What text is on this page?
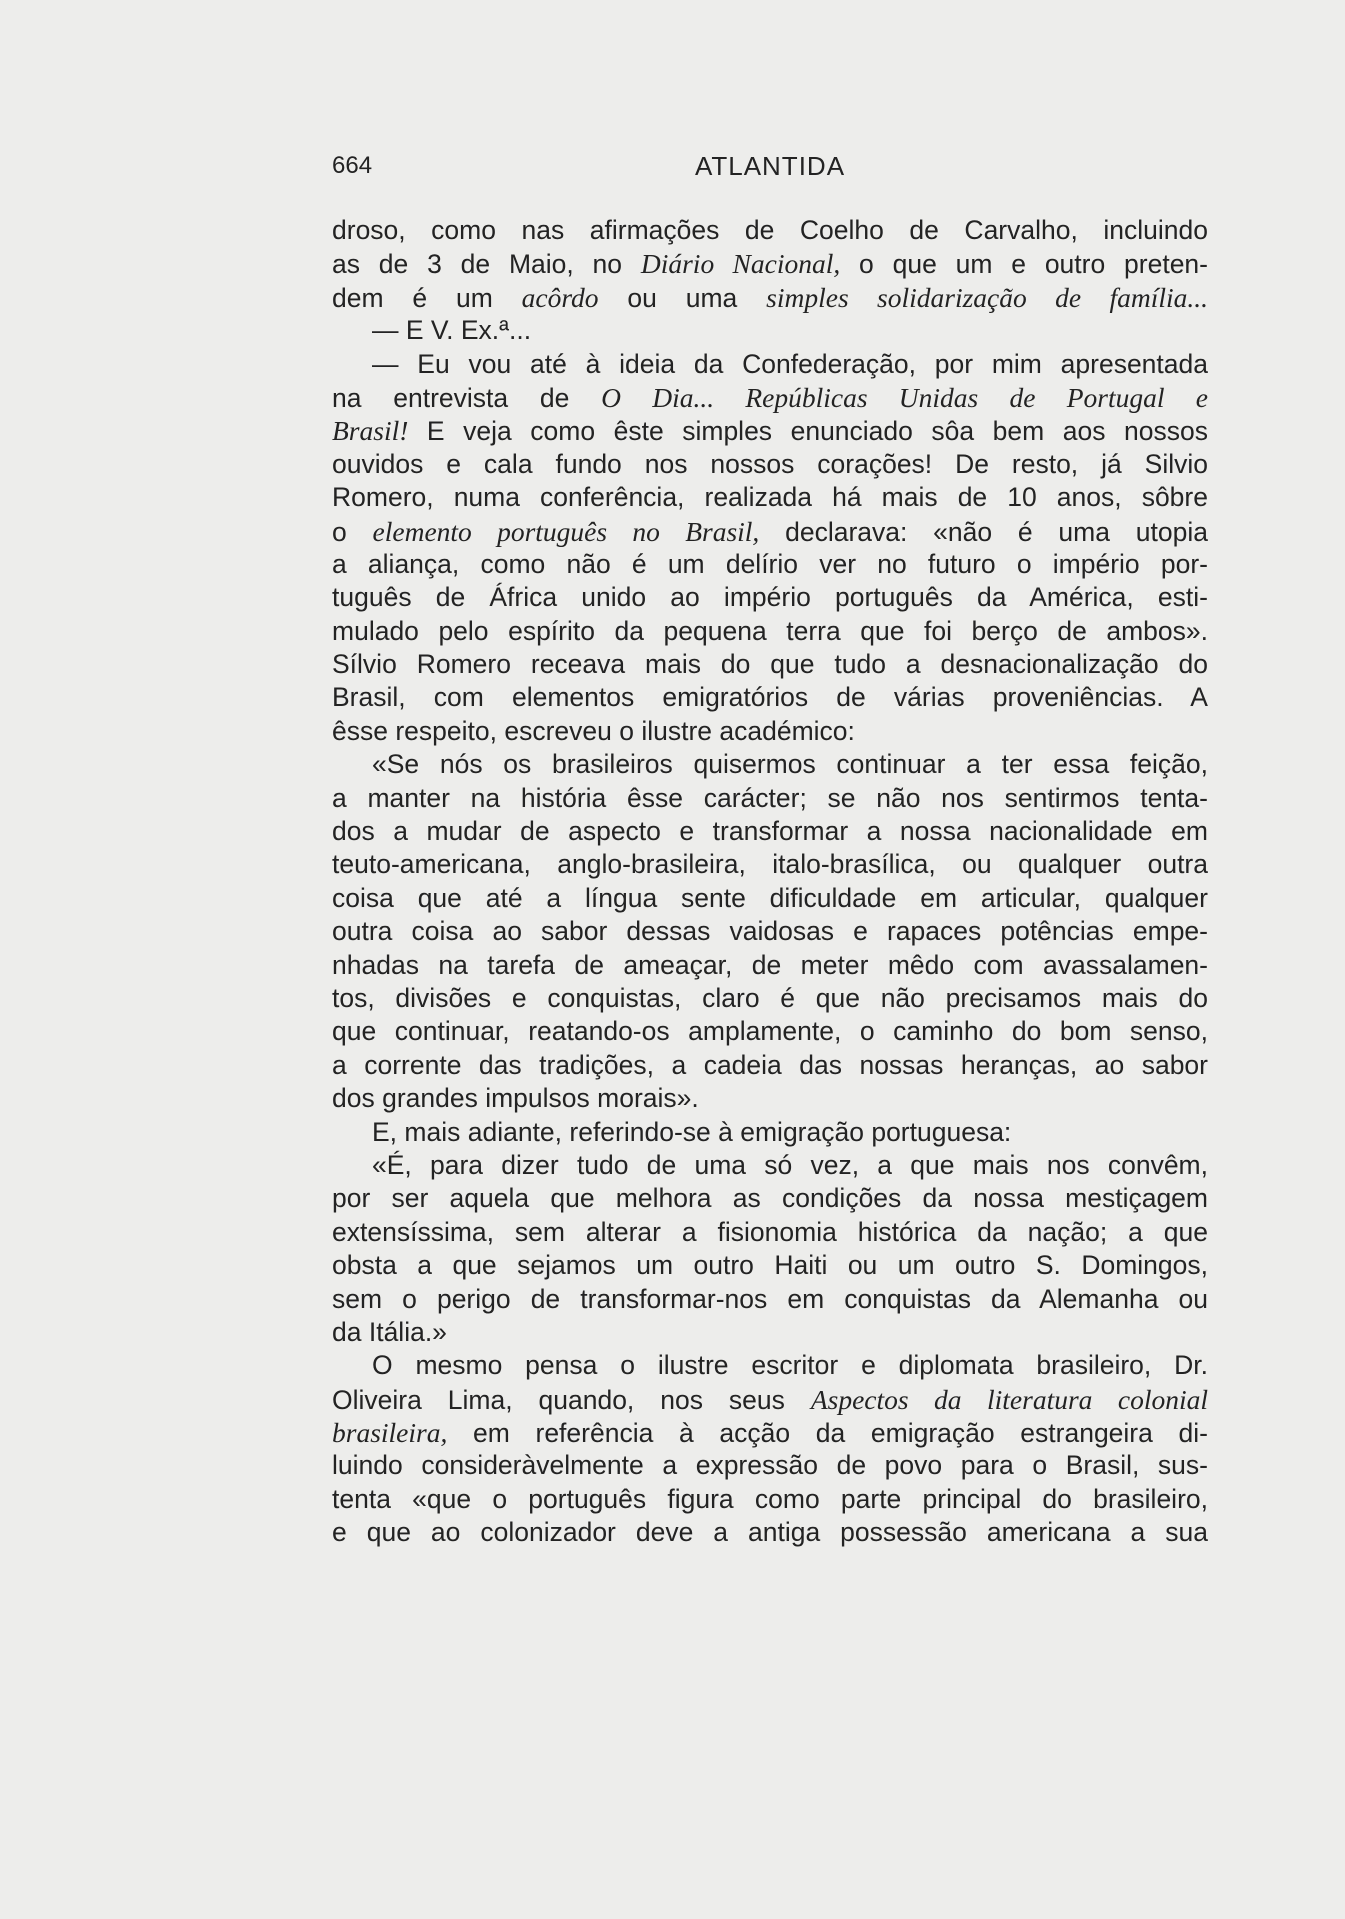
664	ATLANTIDA
droso, como nas afirmações de Coelho de Carvalho, incluindo
as de 3 de Maio, no Diário Nacional, o que um e outro preten-
dem é um acôrdo ou uma simples solidarização de família...
— E V. Ex.ª...
— Eu vou até à ideia da Confederação, por mim apresentada
na entrevista de O Dia... Repúblicas Unidas de Portugal e
Brasil! E veja como êste simples enunciado sôa bem aos nossos
ouvidos e cala fundo nos nossos corações! De resto, já Silvio
Romero, numa conferência, realizada há mais de 10 anos, sôbre
o elemento português no Brasil, declarava: «não é uma utopia
a aliança, como não é um delírio ver no futuro o império por-
tuguês de África unido ao império português da América, esti-
mulado pelo espírito da pequena terra que foi berço de ambos».
Sílvio Romero receava mais do que tudo a desnacionalização do
Brasil, com elementos emigratórios de várias proveniências. A
êsse respeito, escreveu o ilustre académico:
«Se nós os brasileiros quisermos continuar a ter essa feição,
a manter na história êsse carácter; se não nos sentirmos tenta-
dos a mudar de aspecto e transformar a nossa nacionalidade em
teuto-americana, anglo-brasileira, italo-brasílica, ou qualquer outra
coisa que até a língua sente dificuldade em articular, qualquer
outra coisa ao sabor dessas vaidosas e rapaces potências empe-
nhadas na tarefa de ameaçar, de meter mêdo com avassalamen-
tos, divisões e conquistas, claro é que não precisamos mais do
que continuar, reatando-os amplamente, o caminho do bom senso,
a corrente das tradições, a cadeia das nossas heranças, ao sabor
dos grandes impulsos morais».
E, mais adiante, referindo-se à emigração portuguesa:
«É, para dizer tudo de uma só vez, a que mais nos convêm,
por ser aquela que melhora as condições da nossa mestiçagem
extensíssima, sem alterar a fisionomia histórica da nação; a que
obsta a que sejamos um outro Haiti ou um outro S. Domingos,
sem o perigo de transformar-nos em conquistas da Alemanha ou
da Itália.»
O mesmo pensa o ilustre escritor e diplomata brasileiro, Dr.
Oliveira Lima, quando, nos seus Aspectos da literatura colonial
brasileira, em referência à acção da emigração estrangeira di-
luindo consideràvelmente a expressão de povo para o Brasil, sus-
tenta «que o português figura como parte principal do brasileiro,
e que ao colonizador deve a antiga possessão americana a sua
